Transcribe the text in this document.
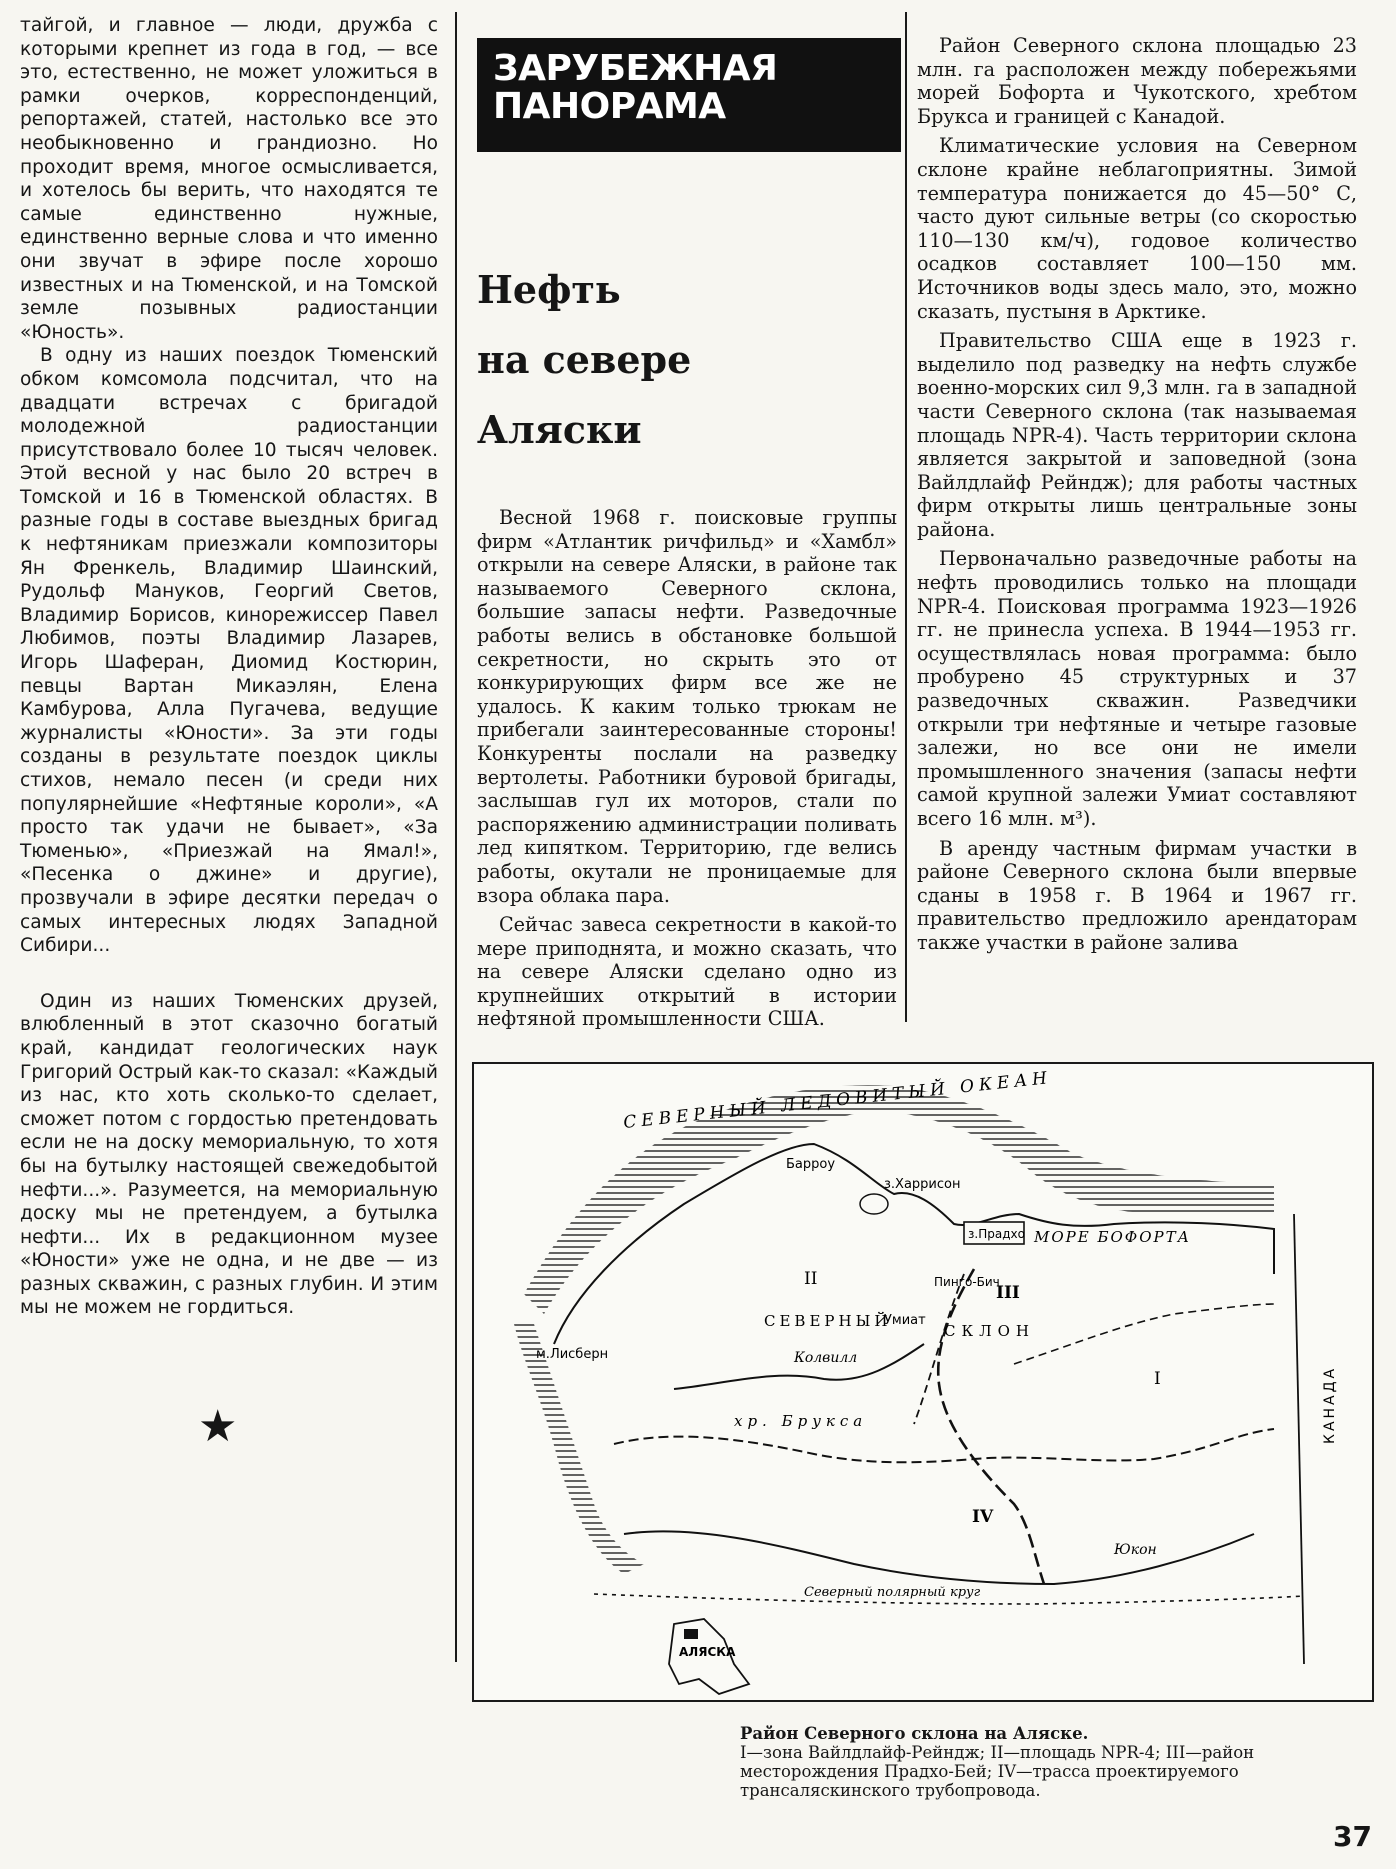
тайгой, и главное — люди, дружба с которыми крепнет из года в год, — все это, естественно, не может уложиться в рамки очерков, корреспонденций, репортажей, статей, настолько все это необыкновенно и грандиозно. Но проходит время, многое осмысливается, и хотелось бы верить, что находятся те самые единственно нужные, единственно верные слова и что именно они звучат в эфире после хорошо известных и на Тюменской, и на Томской земле позывных радиостанции «Юность».

В одну из наших поездок Тюменский обком комсомола подсчитал, что на двадцати встречах с бригадой молодежной радиостанции присутствовало более 10 тысяч человек. Этой весной у нас было 20 встреч в Томской и 16 в Тюменской областях. В разные годы в составе выездных бригад к нефтяникам приезжали композиторы Ян Френкель, Владимир Шаинский, Рудольф Мануков, Георгий Светов, Владимир Борисов, кинорежиссер Павел Любимов, поэты Владимир Лазарев, Игорь Шаферан, Диомид Костюрин, певцы Вартан Микаэлян, Елена Камбурова, Алла Пугачева, ведущие журналисты «Юности». За эти годы созданы в результате поездок циклы стихов, немало песен (и среди них популярнейшие «Нефтяные короли», «А просто так удачи не бывает», «За Тюменью», «Приезжай на Ямал!», «Песенка о джине» и другие), прозвучали в эфире десятки передач о самых интересных людях Западной Сибири...

Один из наших Тюменских друзей, влюбленный в этот сказочно богатый край, кандидат геологических наук Григорий Острый как-то сказал: «Каждый из нас, кто хоть сколько-то сделает, сможет потом с гордостью претендовать если не на доску мемориальную, то хотя бы на бутылку настоящей свежедобытой нефти...». Разумеется, на мемориальную доску мы не претендуем, а бутылка нефти... Их в редакционном музее «Юности» уже не одна, и не две — из разных скважин, с разных глубин. И этим мы не можем не гордиться.

★
ЗАРУБЕЖНАЯ ПАНОРАМА
Нефть
на севере
Аляски

Весной 1968 г. поисковые группы фирм «Атлантик ричфильд» и «Хамбл» открыли на севере Аляски, в районе так называемого Северного склона, большие запасы нефти. Разведочные работы велись в обстановке большой секретности, но скрыть это от конкурирующих фирм все же не удалось. К каким только трюкам не прибегали заинтересованные стороны! Конкуренты послали на разведку вертолеты. Работники буровой бригады, заслышав гул их моторов, стали по распоряжению администрации поливать лед кипятком. Территорию, где велись работы, окутали не проницаемые для взора облака пара.

Сейчас завеса секретности в какой-то мере приподнята, и можно сказать, что на севере Аляски сделано одно из крупнейших открытий в истории нефтяной промышленности США.

Район Северного склона площадью 23 млн. га расположен между побережьями морей Бофорта и Чукотского, хребтом Брукса и границей с Канадой.

Климатические условия на Северном склоне крайне неблагоприятны. Зимой температура понижается до 45—50° С, часто дуют сильные ветры (со скоростью 110—130 км/ч), годовое количество осадков составляет 100—150 мм. Источников воды здесь мало, это, можно сказать, пустыня в Арктике.

Правительство США еще в 1923 г. выделило под разведку на нефть службе военно-морских сил 9,3 млн. га в западной части Северного склона (так называемая площадь NPR-4). Часть территории склона является закрытой и заповедной (зона Вайлдлайф Рейндж); для работы частных фирм открыты лишь центральные зоны района.

Первоначально разведочные работы на нефть проводились только на площади NPR-4. Поисковая программа 1923—1926 гг. не принесла успеха. В 1944—1953 гг. осуществлялась новая программа: было пробурено 45 структурных и 37 разведочных скважин. Разведчики открыли три нефтяные и четыре газовые залежи, но все они не имели промышленного значения (запасы нефти самой крупной залежи Умиат составляют всего 16 млн. м³).

В аренду частным фирмам участки в районе Северного склона были впервые сданы в 1958 г. В 1964 и 1967 гг. правительство предложило арендаторам также участки в районе залива

СЕВЕРНЫЙ ЛЕДОВИТЫЙ ОКЕАН
МОРЕ БОФОРТА
Барроу
з.Харрисон
з.Прадхо
Пинго-Бич
Умиат
СЕВЕРНЫЙ
СКЛОН
Колвилл
м.Лисберн
хр. Брукса	КАНАДА
Юкон
Северный полярный круг
АЛЯСКА
I
II
III
IV
Район Северного склона на Аляске.
I—зона Вайлдлайф-Рейндж; II—площадь NPR-4; III—район месторождения Прадхо-Бей; IV—трасса проектируемого трансаляскинского трубопровода.
37
